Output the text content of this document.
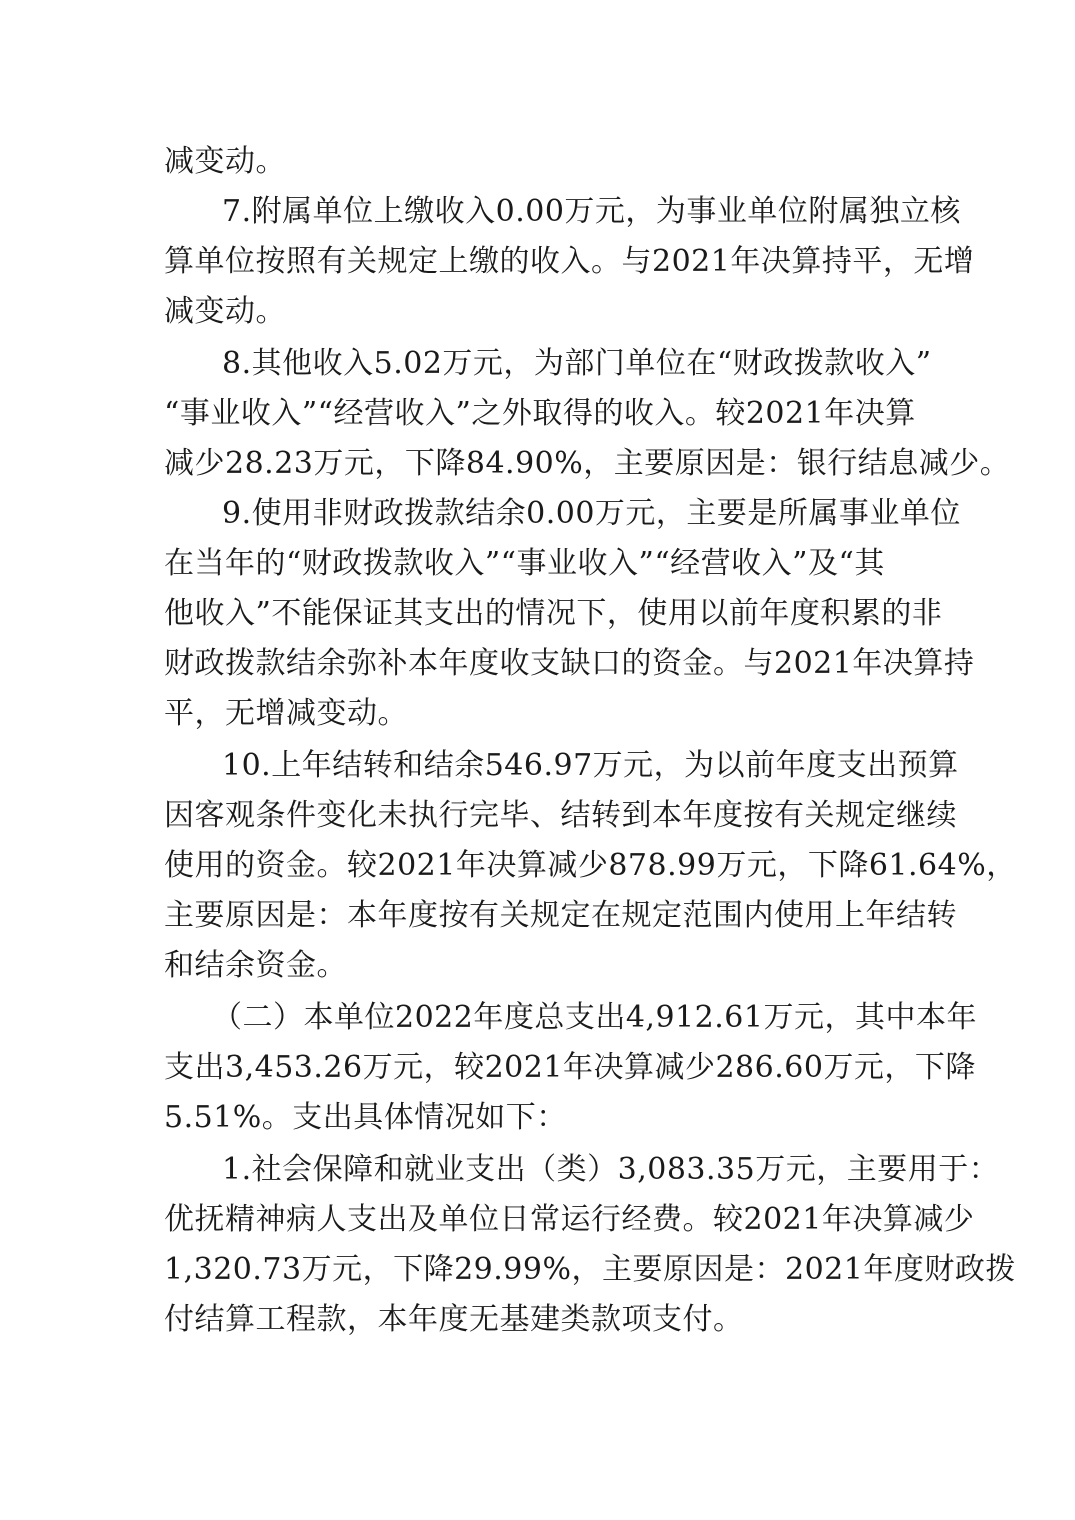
减变动。
7.附属单位上缴收入0.00万元，为事业单位附属独立核
算单位按照有关规定上缴的收入。与2021年决算持平，无增
减变动。
8.其他收入5.02万元，为部门单位在“财政拨款收入”
“事业收入”“经营收入”之外取得的收入。较2021年决算
减少28.23万元，下降84.90%，主要原因是：银行结息减少。
9.使用非财政拨款结余0.00万元，主要是所属事业单位
在当年的“财政拨款收入”“事业收入”“经营收入”及“其
他收入”不能保证其支出的情况下，使用以前年度积累的非
财政拨款结余弥补本年度收支缺口的资金。与2021年决算持
平，无增减变动。
10.上年结转和结余546.97万元，为以前年度支出预算
因客观条件变化未执行完毕、结转到本年度按有关规定继续
使用的资金。较2021年决算减少878.99万元，下降61.64%，
主要原因是：本年度按有关规定在规定范围内使用上年结转
和结余资金。
（二）本单位2022年度总支出4,912.61万元，其中本年
支出3,453.26万元，较2021年决算减少286.60万元，下降
5.51%。支出具体情况如下：
1.社会保障和就业支出（类）3,083.35万元，主要用于：
优抚精神病人支出及单位日常运行经费。较2021年决算减少
1,320.73万元，下降29.99%，主要原因是：2021年度财政拨
付结算工程款，本年度无基建类款项支付。
